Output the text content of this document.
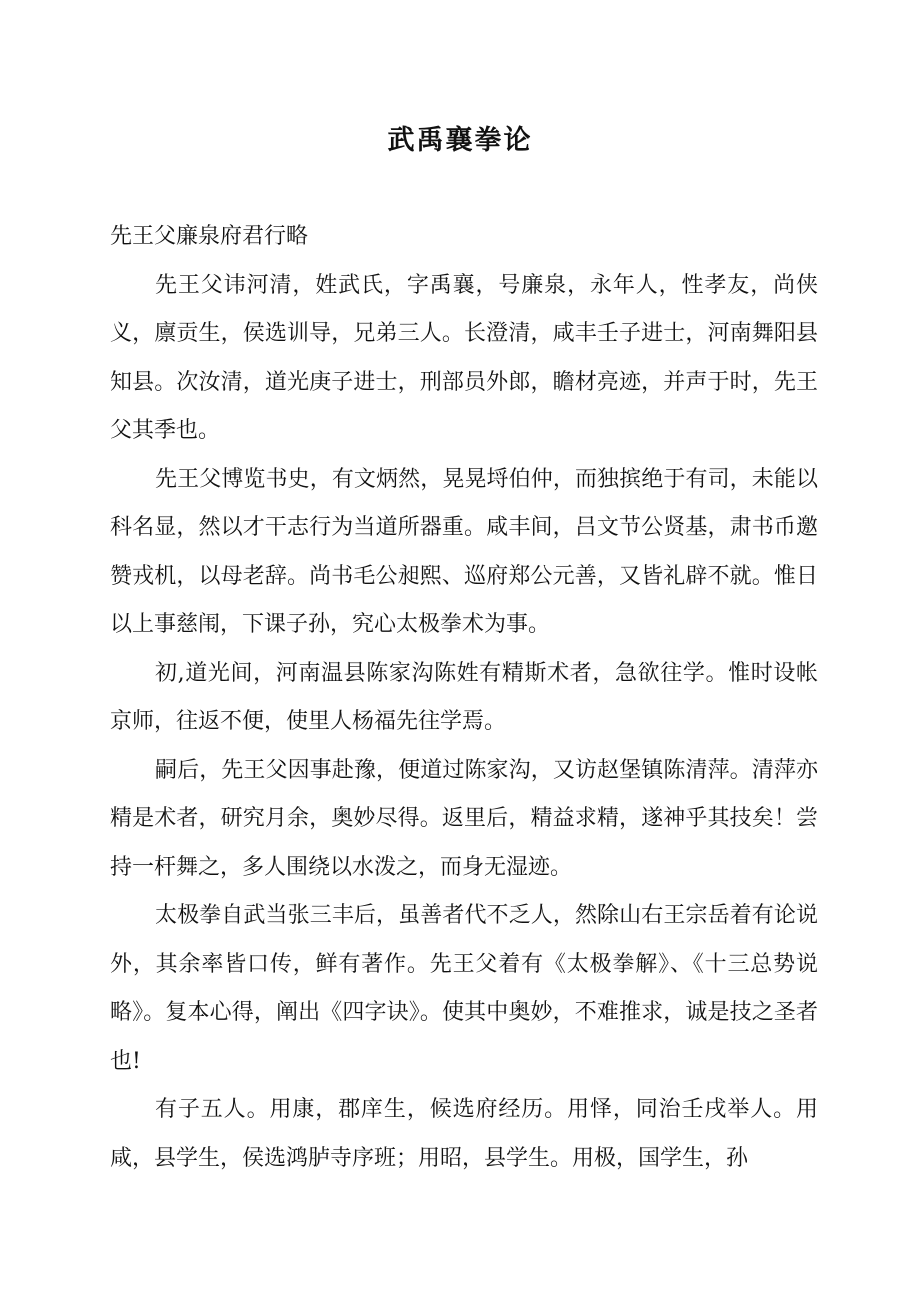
武禹襄拳论

先王父廉泉府君行略

先王父讳河清，姓武氏，字禹襄，号廉泉，永年人，性孝友，尚侠义，廪贡生，侯选训导，兄弟三人。长澄清，咸丰壬子进士，河南舞阳县知县。次汝清，道光庚子进士，刑部员外郎，瞻材亮迹，并声于时，先王父其季也。

先王父博览书史，有文炳然，晃晃埒伯仲，而独摈绝于有司，未能以科名显，然以才干志行为当道所器重。咸丰间，吕文节公贤基，肃书币邀赞戎机，以母老辞。尚书毛公昶熙、巡府郑公元善，又皆礼辟不就。惟日以上事慈闱，下课子孙，究心太极拳术为事。

初,道光间，河南温县陈家沟陈姓有精斯术者，急欲往学。惟时设帐京师，往返不便，使里人杨福先往学焉。

嗣后，先王父因事赴豫，便道过陈家沟，又访赵堡镇陈清萍。清萍亦精是术者，研究月余，奥妙尽得。返里后，精益求精，遂神乎其技矣！尝持一杆舞之，多人围绕以水泼之，而身无湿迹。

太极拳自武当张三丰后，虽善者代不乏人，然除山右王宗岳着有论说外，其余率皆口传，鲜有著作。先王父着有《太极拳解》、《十三总势说略》。复本心得，阐出《四字诀》。使其中奥妙，不难推求，诚是技之圣者也!

有子五人。用康，郡庠生，候选府经历。用怿，同治壬戌举人。用咸，县学生，侯选鸿胪寺序班；用昭，县学生。用极，国学生，孙
